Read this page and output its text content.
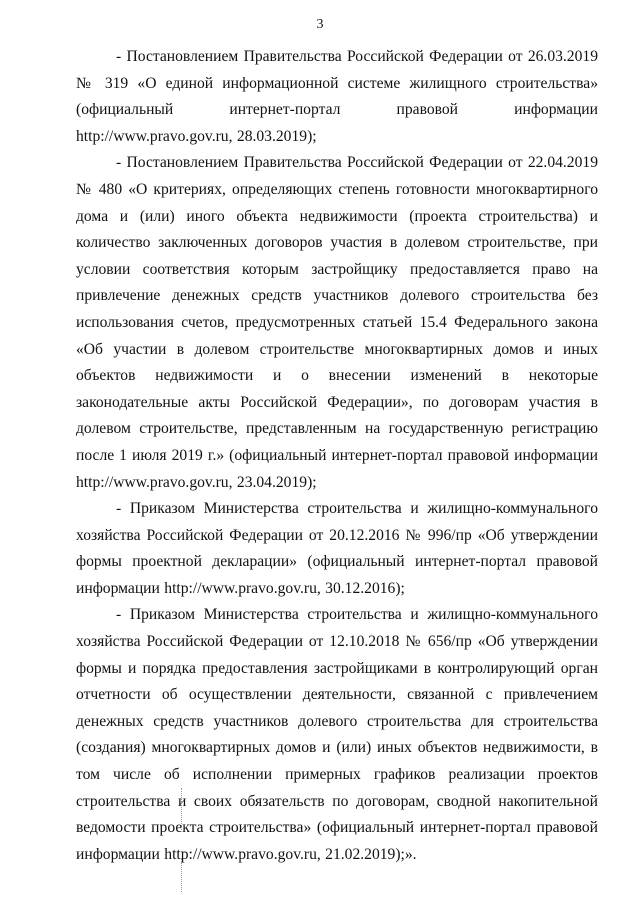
3

- Постановлением Правительства Российской Федерации от 26.03.2019 № 319 «О единой информационной системе жилищного строительства» (официальный интернет-портал правовой информации http://www.pravo.gov.ru, 28.03.2019);

- Постановлением Правительства Российской Федерации от 22.04.2019 № 480 «О критериях, определяющих степень готовности многоквартирного дома и (или) иного объекта недвижимости (проекта строительства) и количество заключенных договоров участия в долевом строительстве, при условии соответствия которым застройщику предоставляется право на привлечение денежных средств участников долевого строительства без использования счетов, предусмотренных статьей 15.4 Федерального закона «Об участии в долевом строительстве многоквартирных домов и иных объектов недвижимости и о внесении изменений в некоторые законодательные акты Российской Федерации», по договорам участия в долевом строительстве, представленным на государственную регистрацию после 1 июля 2019 г.» (официальный интернет-портал правовой информации http://www.pravo.gov.ru, 23.04.2019);

- Приказом Министерства строительства и жилищно-коммунального хозяйства Российской Федерации от 20.12.2016 № 996/пр «Об утверждении формы проектной декларации» (официальный интернет-портал правовой информации http://www.pravo.gov.ru, 30.12.2016);

- Приказом Министерства строительства и жилищно-коммунального хозяйства Российской Федерации от 12.10.2018 № 656/пр «Об утверждении формы и порядка предоставления застройщиками в контролирующий орган отчетности об осуществлении деятельности, связанной с привлечением денежных средств участников долевого строительства для строительства (создания) многоквартирных домов и (или) иных объектов недвижимости, в том числе об исполнении примерных графиков реализации проектов строительства и своих обязательств по договорам, сводной накопительной ведомости проекта строительства» (официальный интернет-портал правовой информации http://www.pravo.gov.ru, 21.02.2019);».
